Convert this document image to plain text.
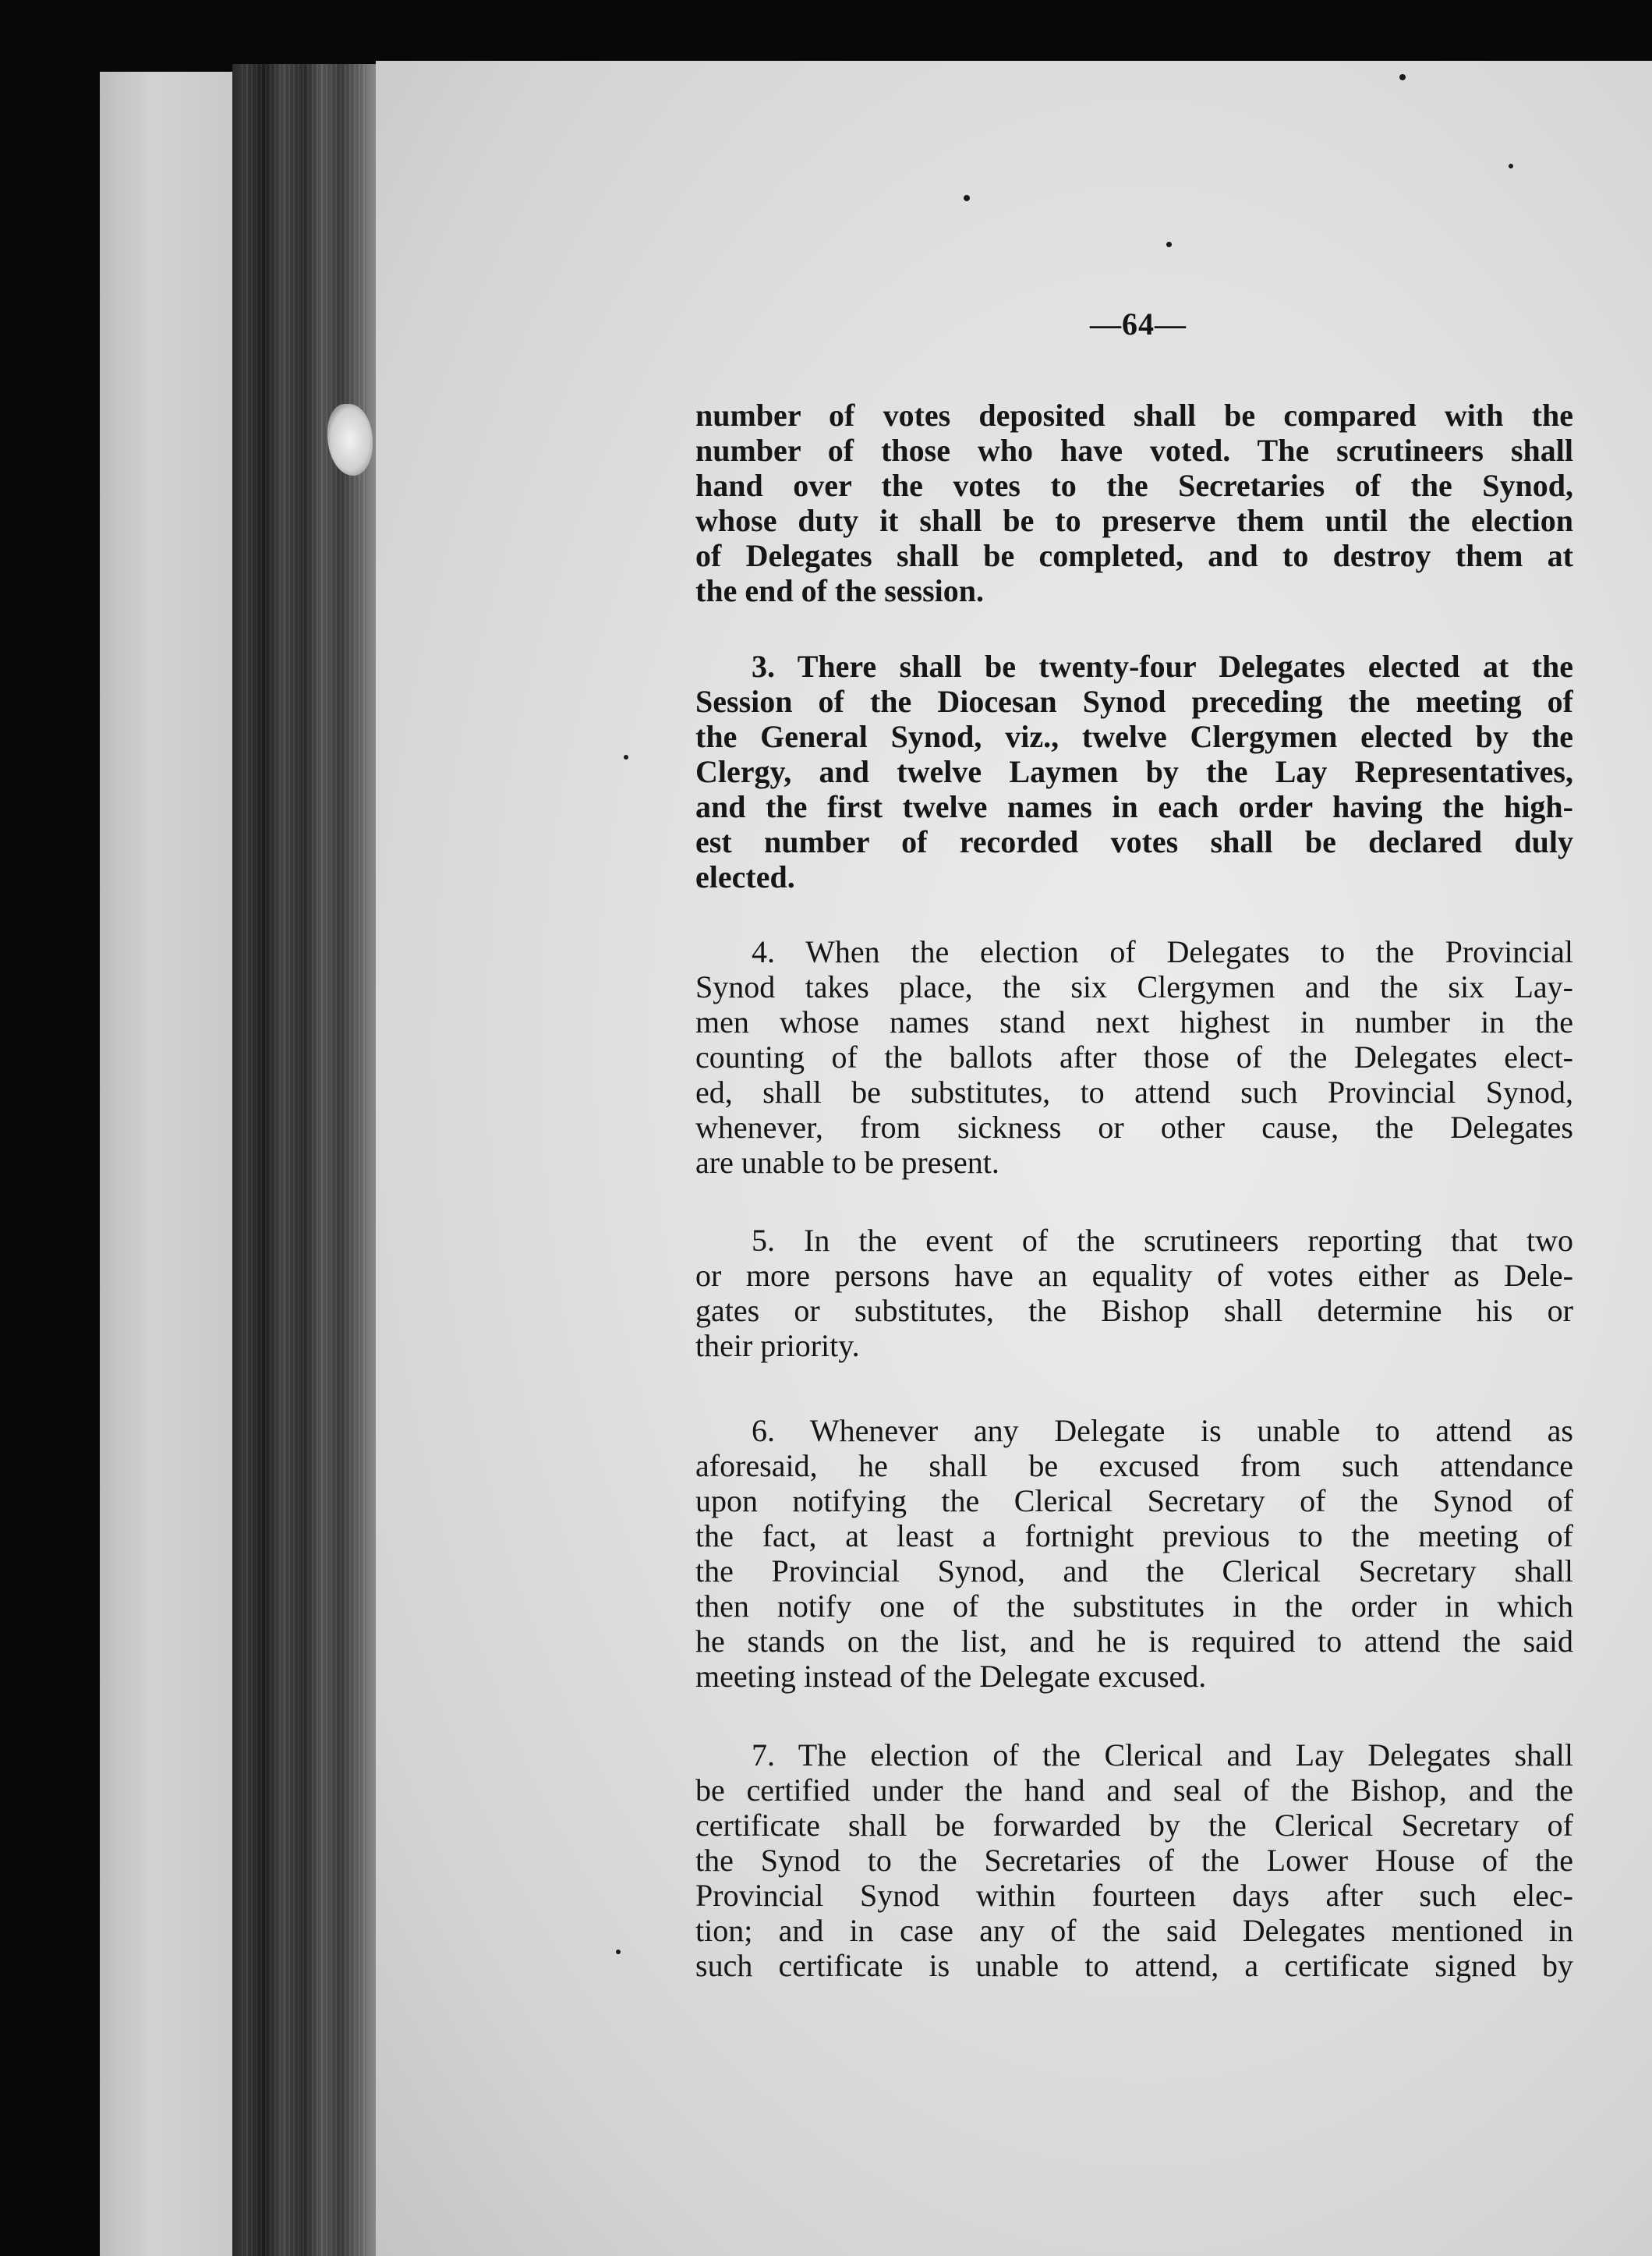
—64—
number of votes deposited shall be compared with the
number of those who have voted. The scrutineers shall
hand over the votes to the Secretaries of the Synod,
whose duty it shall be to preserve them until the election
of Delegates shall be completed, and to destroy them at
the end of the session.
3. There shall be twenty-four Delegates elected at the
Session of the Diocesan Synod preceding the meeting of
the General Synod, viz., twelve Clergymen elected by the
Clergy, and twelve Laymen by the Lay Representatives,
and the first twelve names in each order having the high-
est number of recorded votes shall be declared duly
elected.
4. When the election of Delegates to the Provincial
Synod takes place, the six Clergymen and the six Lay-
men whose names stand next highest in number in the
counting of the ballots after those of the Delegates elect-
ed, shall be substitutes, to attend such Provincial Synod,
whenever, from sickness or other cause, the Delegates
are unable to be present.
5. In the event of the scrutineers reporting that two
or more persons have an equality of votes either as Dele-
gates or substitutes, the Bishop shall determine his or
their priority.
6. Whenever any Delegate is unable to attend as
aforesaid, he shall be excused from such attendance
upon notifying the Clerical Secretary of the Synod of
the fact, at least a fortnight previous to the meeting of
the Provincial Synod, and the Clerical Secretary shall
then notify one of the substitutes in the order in which
he stands on the list, and he is required to attend the said
meeting instead of the Delegate excused.
7. The election of the Clerical and Lay Delegates shall
be certified under the hand and seal of the Bishop, and the
certificate shall be forwarded by the Clerical Secretary of
the Synod to the Secretaries of the Lower House of the
Provincial Synod within fourteen days after such elec-
tion; and in case any of the said Delegates mentioned in
such certificate is unable to attend, a certificate signed by
